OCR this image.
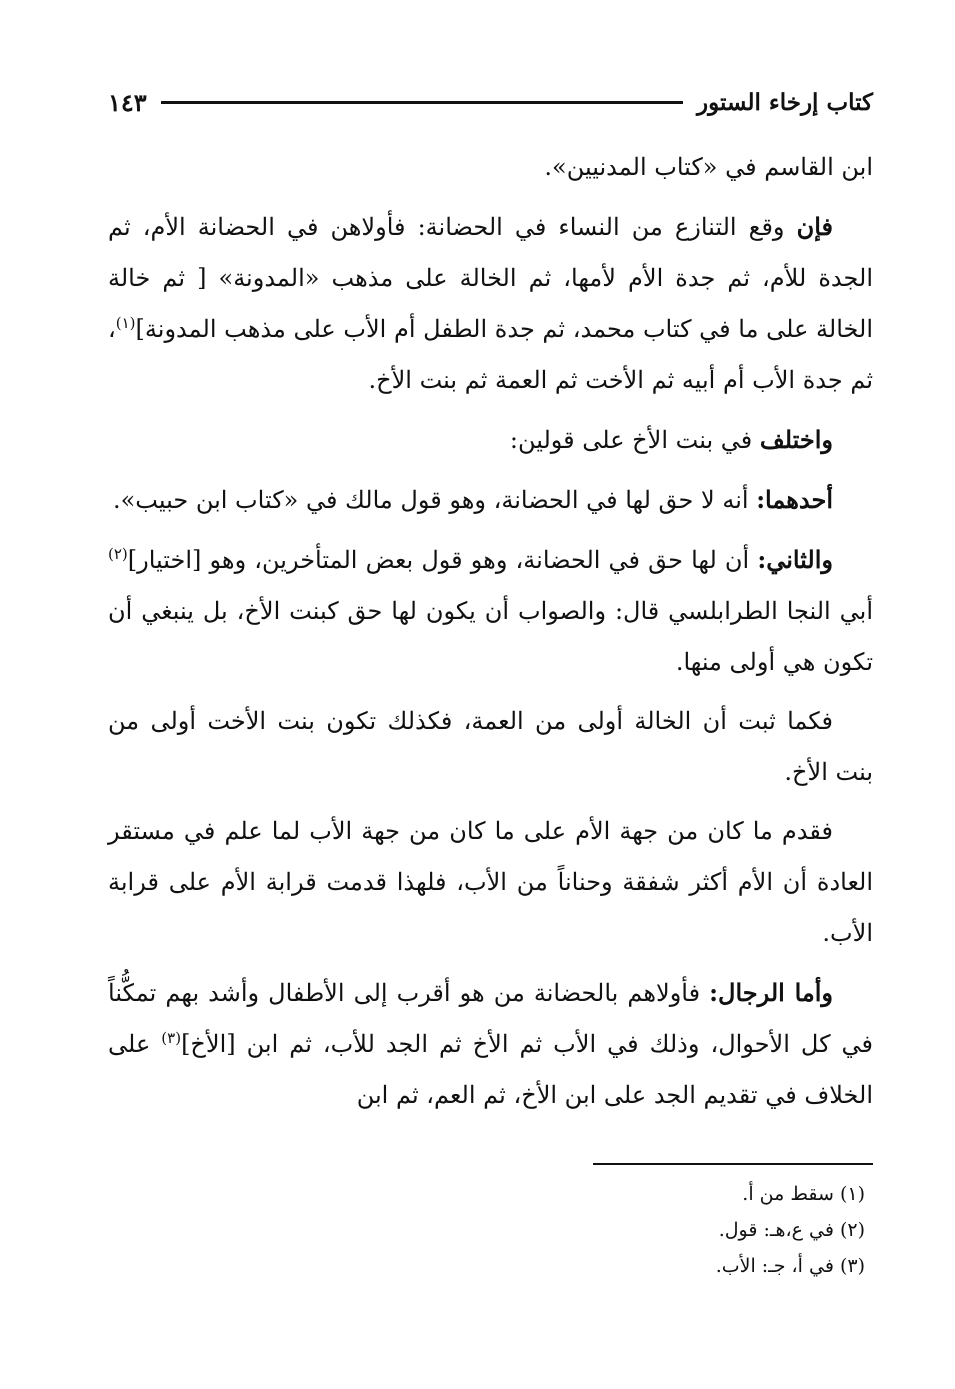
كتاب إرخاء الستور
١٤٣

ابن القاسم في «كتاب المدنيين».

فإن وقع التنازع من النساء في الحضانة: فأولاهن في الحضانة الأم، ثم الجدة للأم، ثم جدة الأم لأمها، ثم الخالة على مذهب «المدونة» [ ثم خالة الخالة على ما في كتاب محمد، ثم جدة الطفل أم الأب على مذهب المدونة]$^{(١)}$، ثم جدة الأب أم أبيه ثم الأخت ثم العمة ثم بنت الأخ.

واختلف في بنت الأخ على قولين:

أحدهما: أنه لا حق لها في الحضانة، وهو قول مالك في «كتاب ابن حبيب».

والثاني: أن لها حق في الحضانة، وهو قول بعض المتأخرين، وهو [اختيار]$^{(٢)}$ أبي النجا الطرابلسي قال: والصواب أن يكون لها حق كبنت الأخ، بل ينبغي أن تكون هي أولى منها.

فكما ثبت أن الخالة أولى من العمة، فكذلك تكون بنت الأخت أولى من بنت الأخ.

فقدم ما كان من جهة الأم على ما كان من جهة الأب لما علم في مستقر العادة أن الأم أكثر شفقة وحناناً من الأب، فلهذا قدمت قرابة الأم على قرابة الأب.

وأما الرجال: فأولاهم بالحضانة من هو أقرب إلى الأطفال وأشد بهم تمكُّناً في كل الأحوال، وذلك في الأب ثم الأخ ثم الجد للأب، ثم ابن [الأخ]$^{(٣)}$ على الخلاف في تقديم الجد على ابن الأخ، ثم العم، ثم ابن

(١) سقط من أ.
(٢) في ع،هـ: قول.
(٣) في أ، جـ: الأب.
